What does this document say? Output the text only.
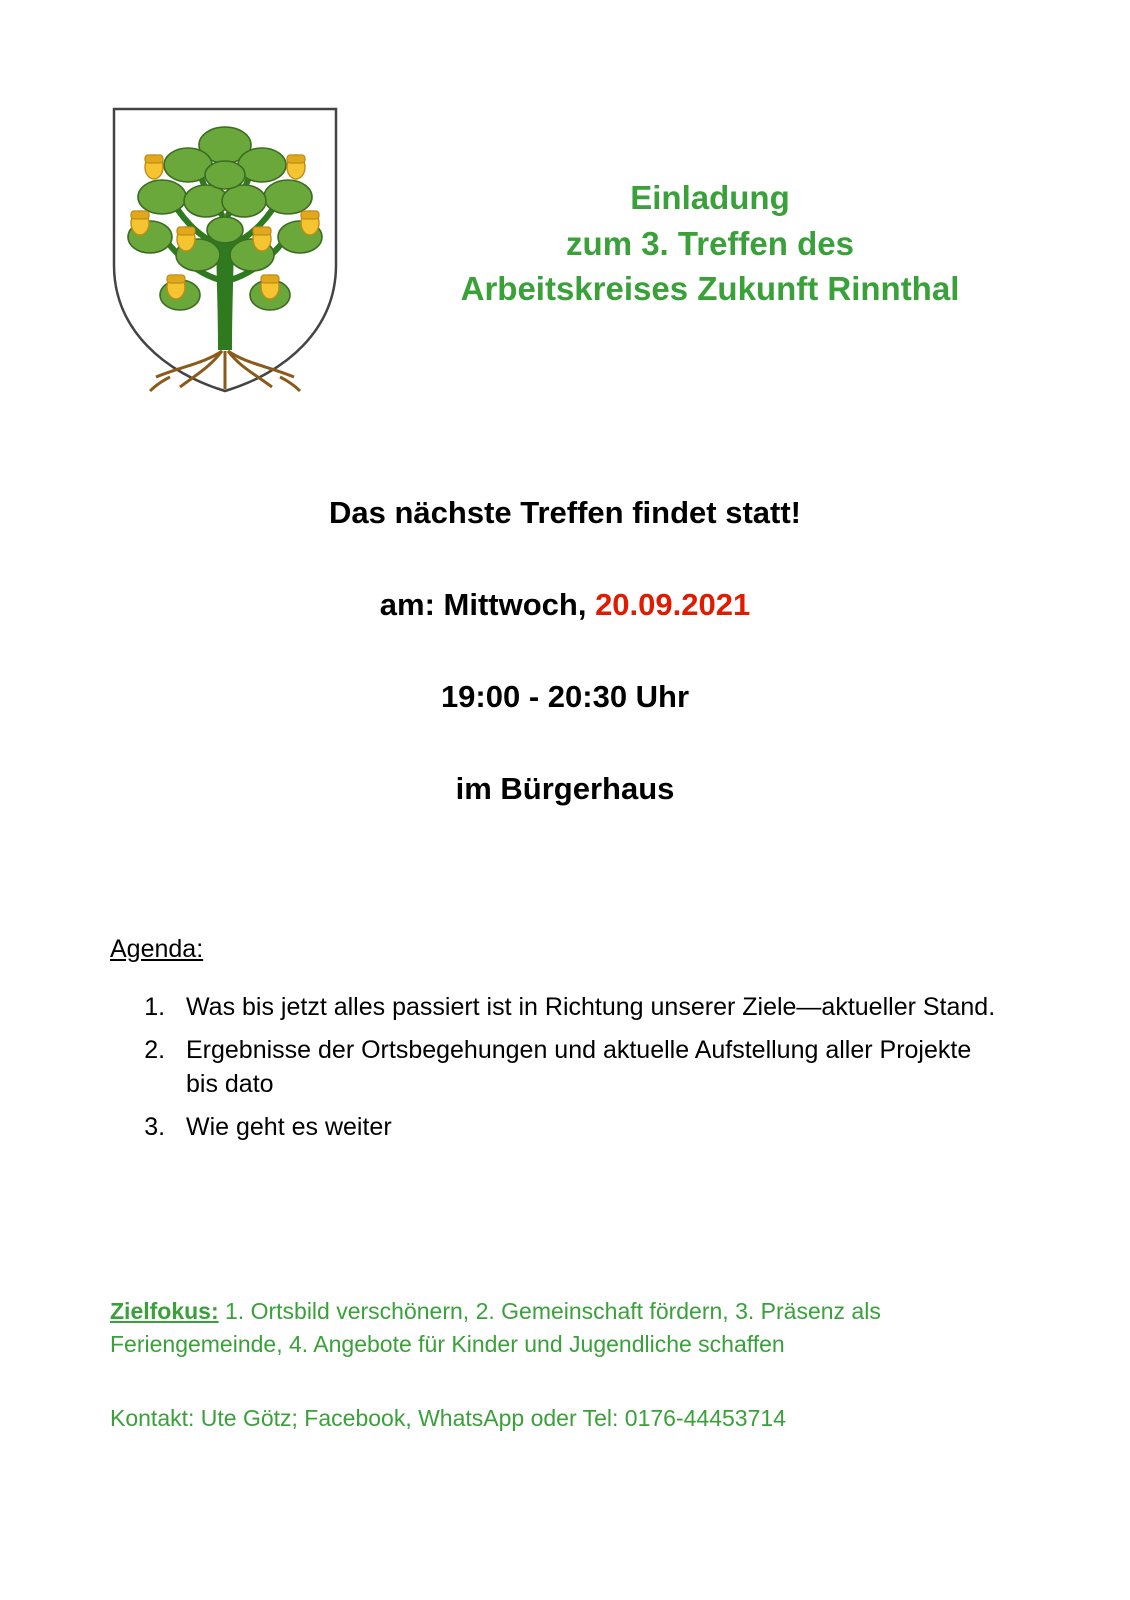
Einladung
zum 3. Treffen des
Arbeitskreises Zukunft Rinnthal
Das nächste Treffen findet statt!
am: Mittwoch, 20.09.2021
19:00 - 20:30 Uhr
im Bürgerhaus
Agenda:
1. Was bis jetzt alles passiert ist in Richtung unserer Ziele—aktueller Stand.
2. Ergebnisse der Ortsbegehungen und aktuelle Aufstellung aller Projekte bis dato
3. Wie geht es weiter
Zielfokus: 1. Ortsbild verschönern, 2. Gemeinschaft fördern, 3. Präsenz als Feriengemeinde, 4. Angebote für Kinder und Jugendliche schaffen
Kontakt: Ute Götz; Facebook, WhatsApp oder Tel: 0176-44453714
